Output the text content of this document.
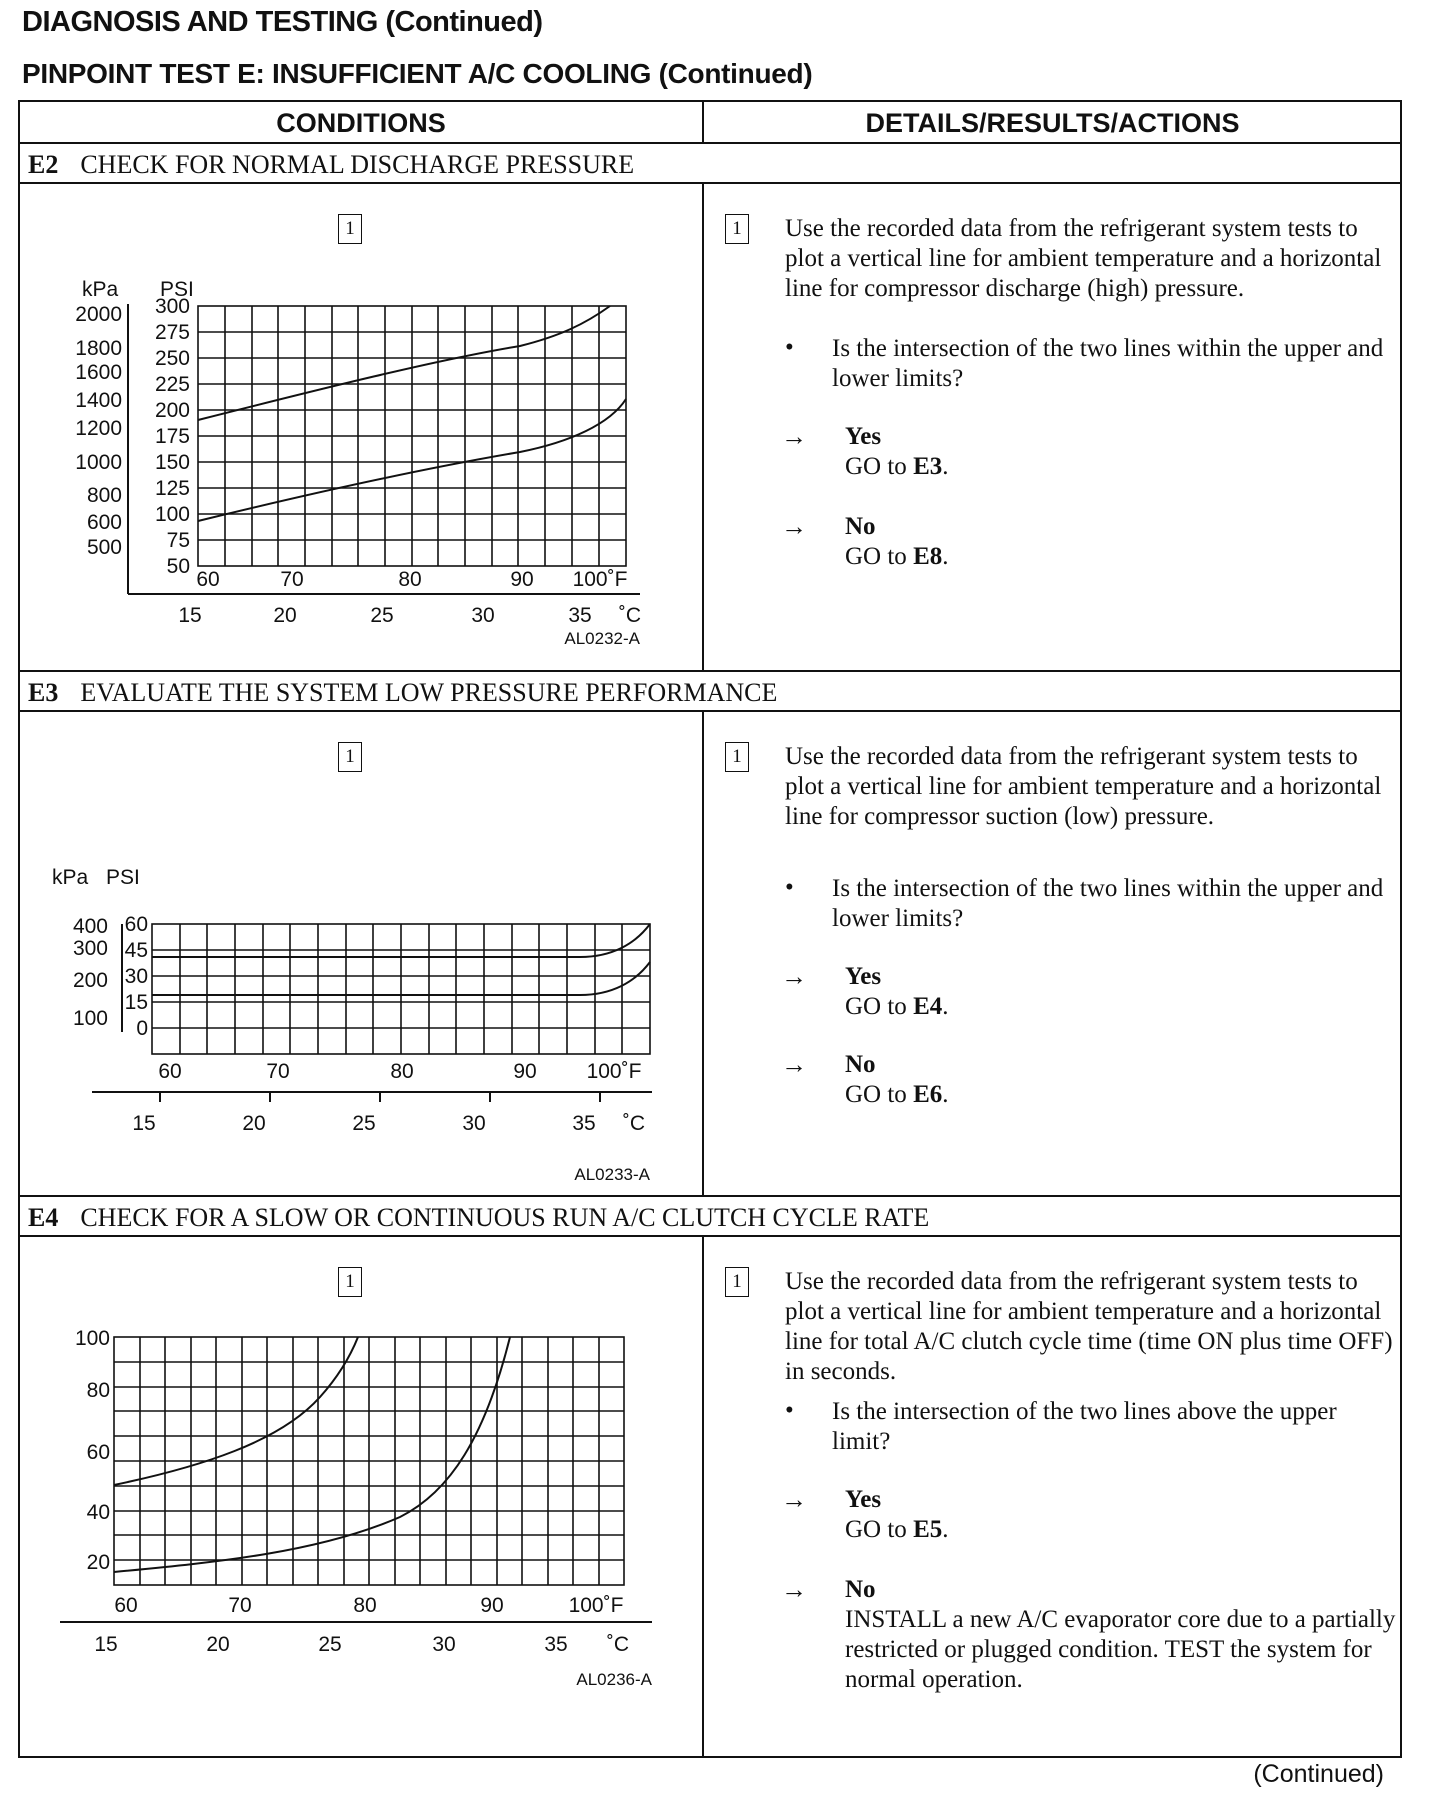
DIAGNOSIS AND TESTING (Continued)
PINPOINT TEST E: INSUFFICIENT A/C COOLING (Continued)
CONDITIONS	DETAILS/RESULTS/ACTIONS
E2 CHECK FOR NORMAL DISCHARGE PRESSURE
1
kPa PSI
2000
1800
1600
1400
1200
1000
800
600
500
300
275
250
225
200
175
150
125
100
75
50
60	70	80	90 100˚F
15	20	25	30	35 ˚C
AL0232-A
1 Use the recorded data from the refrigerant system tests to plot a vertical line for ambient temperature and a horizontal line for compressor discharge (high) pressure.
• Is the intersection of the two lines within the upper and lower limits?
→ Yes
GO to E3.
→ No
GO to E8.
E3 EVALUATE THE SYSTEM LOW PRESSURE PERFORMANCE
1
kPa PSI
400
300
200
100
60
45
30
15
0
60	70	80	90 100˚F
15	20	25	30	35 ˚C
AL0233-A
1 Use the recorded data from the refrigerant system tests to plot a vertical line for ambient temperature and a horizontal line for compressor suction (low) pressure.
• Is the intersection of the two lines within the upper and lower limits?
→ Yes
GO to E4.
→ No
GO to E6.
E4 CHECK FOR A SLOW OR CONTINUOUS RUN A/C CLUTCH CYCLE RATE
1
100
80
60
40
20
60	70	80	90	100˚F
15	20	25	30	35 ˚C
AL0236-A
1 Use the recorded data from the refrigerant system tests to plot a vertical line for ambient temperature and a horizontal line for total A/C clutch cycle time (time ON plus time OFF) in seconds.
• Is the intersection of the two lines above the upper limit?
→ Yes
GO to E5.
→ No
INSTALL a new A/C evaporator core due to a partially restricted or plugged condition. TEST the system for normal operation.
(Continued)
